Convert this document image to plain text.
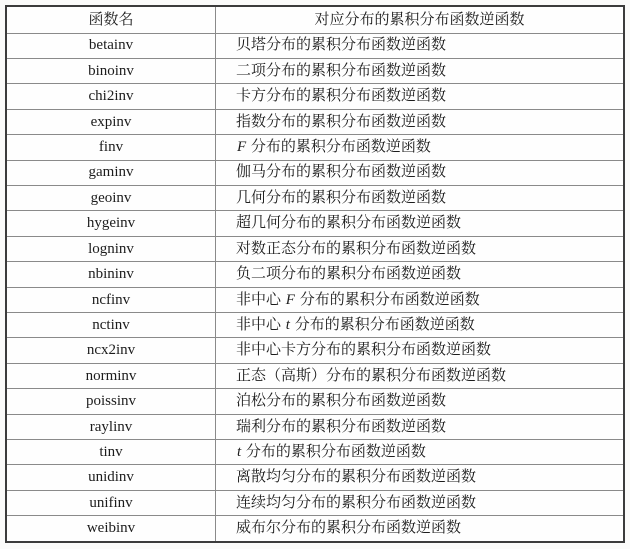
函数名	对应分布的累积分布函数逆函数
betainv	贝塔分布的累积分布函数逆函数
binoinv	二项分布的累积分布函数逆函数
chi2inv	卡方分布的累积分布函数逆函数
expinv	指数分布的累积分布函数逆函数
finv	F 分布的累积分布函数逆函数
gaminv	伽马分布的累积分布函数逆函数
geoinv	几何分布的累积分布函数逆函数
hygeinv	超几何分布的累积分布函数逆函数
logninv	对数正态分布的累积分布函数逆函数
nbininv	负二项分布的累积分布函数逆函数
ncfinv	非中心 F 分布的累积分布函数逆函数
nctinv	非中心 t 分布的累积分布函数逆函数
ncx2inv	非中心卡方分布的累积分布函数逆函数
norminv	正态（高斯）分布的累积分布函数逆函数
poissinv	泊松分布的累积分布函数逆函数
raylinv	瑞利分布的累积分布函数逆函数
tinv	t 分布的累积分布函数逆函数
unidinv	离散均匀分布的累积分布函数逆函数
unifinv	连续均匀分布的累积分布函数逆函数
weibinv	威布尔分布的累积分布函数逆函数
